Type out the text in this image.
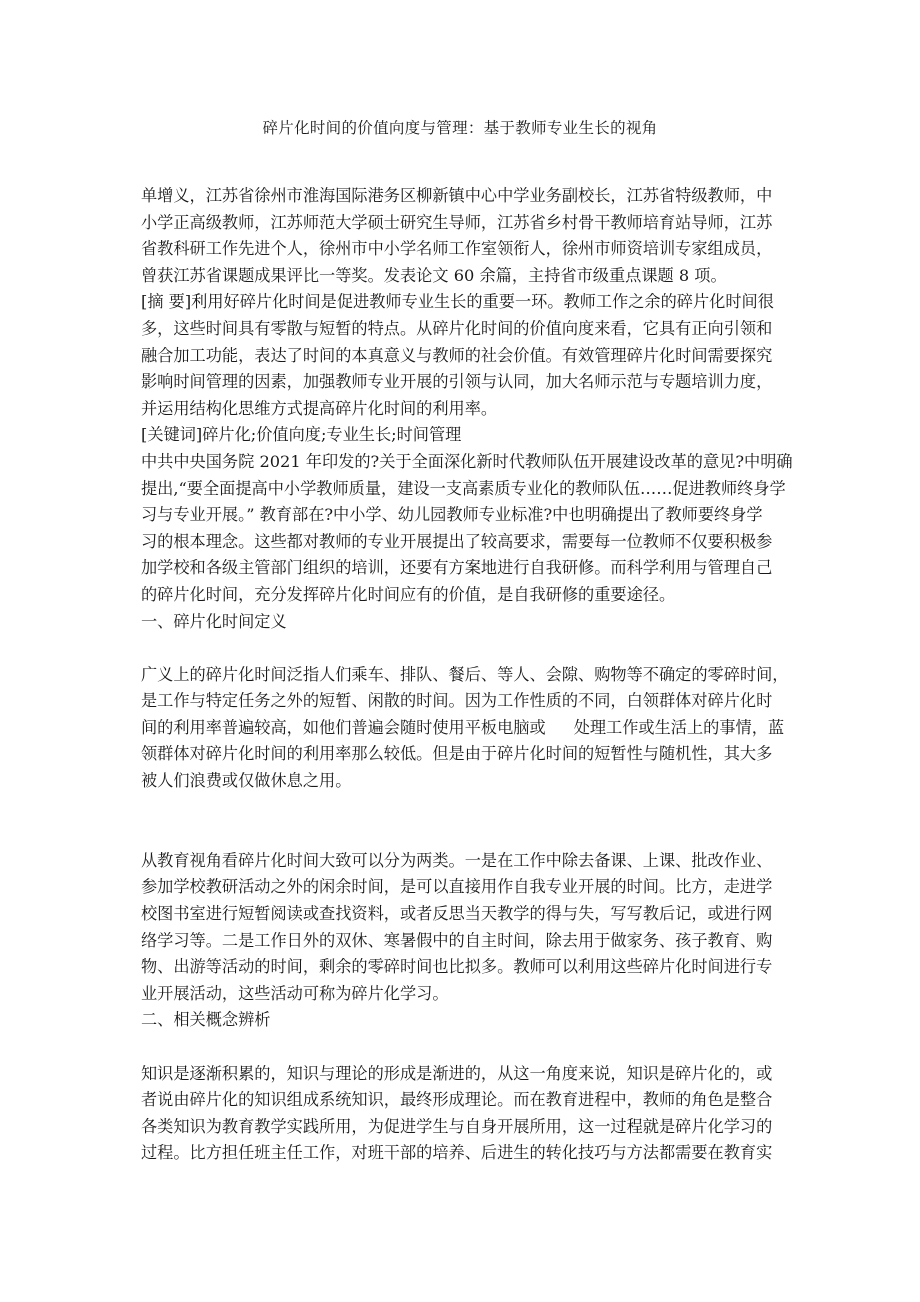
碎片化时间的价值向度与管理：基于教师专业生长的视角
单增义，江苏省徐州市淮海国际港务区柳新镇中心中学业务副校长，江苏省特级教师，中
小学正高级教师，江苏师范大学硕士研究生导师，江苏省乡村骨干教师培育站导师，江苏
省教科研工作先进个人，徐州市中小学名师工作室领衔人，徐州市师资培训专家组成员，
曾获江苏省课题成果评比一等奖。发表论文 60 余篇，主持省市级重点课题 8 项。
[摘 要]利用好碎片化时间是促进教师专业生长的重要一环。教师工作之余的碎片化时间很
多，这些时间具有零散与短暂的特点。从碎片化时间的价值向度来看，它具有正向引领和
融合加工功能，表达了时间的本真意义与教师的社会价值。有效管理碎片化时间需要探究
影响时间管理的因素，加强教师专业开展的引领与认同，加大名师示范与专题培训力度，
并运用结构化思维方式提高碎片化时间的利用率。
[关键词]碎片化;价值向度;专业生长;时间管理
中共中央国务院 2021 年印发的?关于全面深化新时代教师队伍开展建设改革的意见?中明确
提出,“要全面提高中小学教师质量，建设一支高素质专业化的教师队伍……促进教师终身学
习与专业开展。” 教育部在?中小学、幼儿园教师专业标准?中也明确提出了教师要终身学
习的根本理念。这些都对教师的专业开展提出了较高要求，需要每一位教师不仅要积极参
加学校和各级主管部门组织的培训，还要有方案地进行自我研修。而科学利用与管理自己
的碎片化时间，充分发挥碎片化时间应有的价值，是自我研修的重要途径。
一、碎片化时间定义
广义上的碎片化时间泛指人们乘车、排队、餐后、等人、会隙、购物等不确定的零碎时间，
是工作与特定任务之外的短暂、闲散的时间。因为工作性质的不同，白领群体对碎片化时
间的利用率普遍较高，如他们普遍会随时使用平板电脑或 处理工作或生活上的事情，蓝
领群体对碎片化时间的利用率那么较低。但是由于碎片化时间的短暂性与随机性，其大多
被人们浪费或仅做休息之用。
从教育视角看碎片化时间大致可以分为两类。一是在工作中除去备课、上课、批改作业、
参加学校教研活动之外的闲余时间，是可以直接用作自我专业开展的时间。比方，走进学
校图书室进行短暂阅读或查找资料，或者反思当天教学的得与失，写写教后记，或进行网
络学习等。二是工作日外的双休、寒暑假中的自主时间，除去用于做家务、孩子教育、购
物、出游等活动的时间，剩余的零碎时间也比拟多。教师可以利用这些碎片化时间进行专
业开展活动，这些活动可称为碎片化学习。
二、相关概念辨析
知识是逐渐积累的，知识与理论的形成是渐进的，从这一角度来说，知识是碎片化的，或
者说由碎片化的知识组成系统知识，最终形成理论。而在教育进程中，教师的角色是整合
各类知识为教育教学实践所用，为促进学生与自身开展所用，这一过程就是碎片化学习的
过程。比方担任班主任工作，对班干部的培养、后进生的转化技巧与方法都需要在教育实
